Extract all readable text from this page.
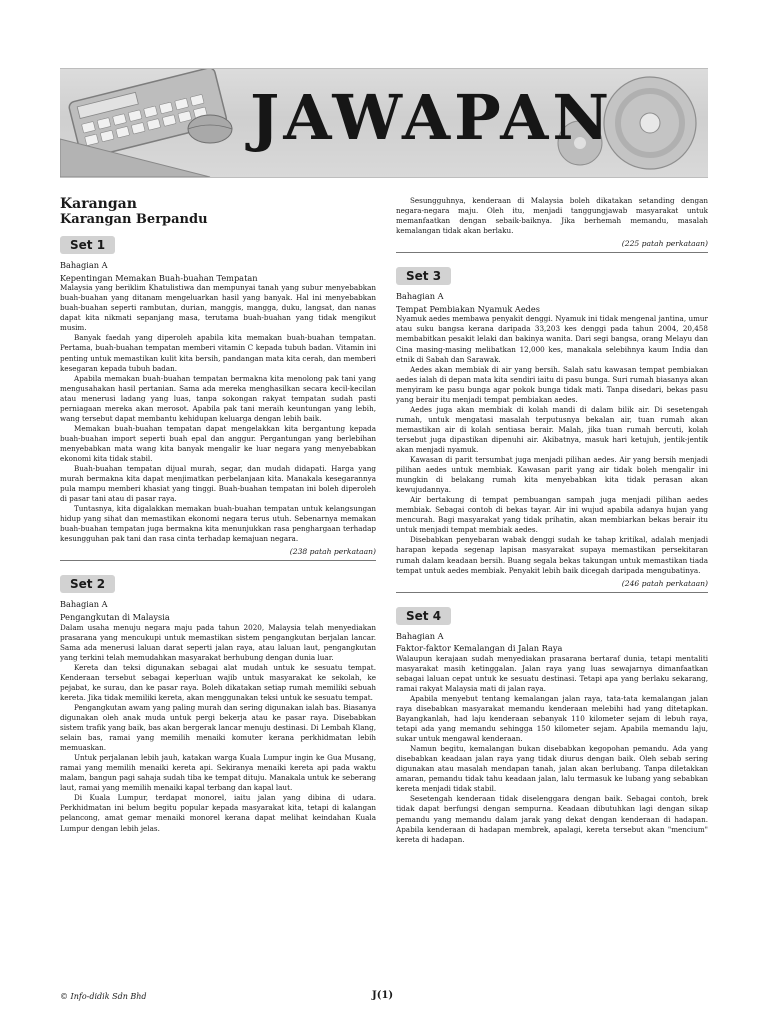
JAWAPAN
Karangan
Karangan Berpandu
Set 1
Bahagian A
Kepentingan Memakan Buah-buahan Tempatan

Malaysia yang beriklim Khatulistiwa dan mempunyai tanah yang subur menyebabkan buah-buahan yang ditanam mengeluarkan hasil yang banyak. Hal ini menyebabkan buah-buahan seperti rambutan, durian, manggis, mangga, duku, langsat, dan nanas dapat kita nikmati sepanjang masa, terutama buah-buahan yang tidak mengikut musim.

Banyak faedah yang diperoleh apabila kita memakan buah-buahan tempatan. Pertama, buah-buahan tempatan memberi vitamin C kepada tubuh badan. Vitamin ini penting untuk memastikan kulit kita bersih, pandangan mata kita cerah, dan memberi kesegaran kepada tubuh badan.

Apabila memakan buah-buahan tempatan bermakna kita menolong pak tani yang mengusahakan hasil pertanian. Sama ada mereka menghasilkan secara kecil-kecilan atau menerusi ladang yang luas, tanpa sokongan rakyat tempatan sudah pasti perniagaan mereka akan merosot. Apabila pak tani meraih keuntungan yang lebih, wang tersebut dapat membantu kehidupan keluarga dengan lebih baik.

Memakan buah-buahan tempatan dapat mengelakkan kita bergantung kepada buah-buahan import seperti buah epal dan anggur. Pergantungan yang berlebihan menyebabkan mata wang kita banyak mengalir ke luar negara yang menyebabkan ekonomi kita tidak stabil.

Buah-buahan tempatan dijual murah, segar, dan mudah didapati. Harga yang murah bermakna kita dapat menjimatkan perbelanjaan kita. Manakala kesegarannya pula mampu memberi khasiat yang tinggi. Buah-buahan tempatan ini boleh diperoleh di pasar tani atau di pasar raya.

Tuntasnya, kita digalakkan memakan buah-buahan tempatan untuk kelangsungan hidup yang sihat dan memastikan ekonomi negara terus utuh. Sebenarnya memakan buah-buahan tempatan juga bermakna kita menunjukkan rasa penghargaan terhadap kesungguhan pak tani dan rasa cinta terhadap kemajuan negara.

(238 patah perkataan)
Set 2
Bahagian A
Pengangkutan di Malaysia

Dalam usaha menuju negara maju pada tahun 2020, Malaysia telah menyediakan prasarana yang mencukupi untuk memastikan sistem pengangkutan berjalan lancar. Sama ada menerusi laluan darat seperti jalan raya, atau laluan laut, pengangkutan yang terkini telah memudahkan masyarakat berhubung dengan dunia luar.

Kereta dan teksi digunakan sebagai alat mudah untuk ke sesuatu tempat. Kenderaan tersebut sebagai keperluan wajib untuk masyarakat ke sekolah, ke pejabat, ke surau, dan ke pasar raya. Boleh dikatakan setiap rumah memiliki sebuah kereta. Jika tidak memiliki kereta, akan menggunakan teksi untuk ke sesuatu tempat.

Pengangkutan awam yang paling murah dan sering digunakan ialah bas. Biasanya digunakan oleh anak muda untuk pergi bekerja atau ke pasar raya. Disebabkan sistem trafik yang baik, bas akan bergerak lancar menuju destinasi. Di Lembah Klang, selain bas, ramai yang memilih menaiki komuter kerana perkhidmatan lebih memuaskan.

Untuk perjalanan lebih jauh, katakan warga Kuala Lumpur ingin ke Gua Musang, ramai yang memilih menaiki kereta api. Sekiranya menaiki kereta api pada waktu malam, bangun pagi sahaja sudah tiba ke tempat dituju. Manakala untuk ke seberang laut, ramai yang memilih menaiki kapal terbang dan kapal laut.

Di Kuala Lumpur, terdapat monorel, iaitu jalan yang dibina di udara. Perkhidmatan ini belum begitu popular kepada masyarakat kita, tetapi di kalangan pelancong, amat gemar menaiki monorel kerana dapat melihat keindahan Kuala Lumpur dengan lebih jelas.

Sesungguhnya, kenderaan di Malaysia boleh dikatakan setanding dengan negara-negara maju. Oleh itu, menjadi tanggungjawab masyarakat untuk memanfaatkan dengan sebaik-baiknya. Jika berhemah memandu, masalah kemalangan tidak akan berlaku.

(225 patah perkataan)
Set 3
Bahagian A
Tempat Pembiakan Nyamuk Aedes

Nyamuk aedes membawa penyakit denggi. Nyamuk ini tidak mengenal jantina, umur atau suku bangsa kerana daripada 33,203 kes denggi pada tahun 2004, 20,458 membabitkan pesakit lelaki dan bakinya wanita. Dari segi bangsa, orang Melayu dan Cina masing-masing melibatkan 12,000 kes, manakala selebihnya kaum India dan etnik di Sabah dan Sarawak.

Aedes akan membiak di air yang bersih. Salah satu kawasan tempat pembiakan aedes ialah di depan mata kita sendiri iaitu di pasu bunga. Suri rumah biasanya akan menyiram ke pasu bunga agar pokok bunga tidak mati. Tanpa disedari, bekas pasu yang berair itu menjadi tempat pembiakan aedes.

Aedes juga akan membiak di kolah mandi di dalam bilik air. Di sesetengah rumah, untuk mengatasi masalah terputusnya bekalan air, tuan rumah akan memastikan air di kolah sentiasa berair. Malah, jika tuan rumah bercuti, kolah tersebut juga dipastikan dipenuhi air. Akibatnya, masuk hari ketujuh, jentik-jentik akan menjadi nyamuk.

Kawasan di parit tersumbat juga menjadi pilihan aedes. Air yang bersih menjadi pilihan aedes untuk membiak. Kawasan parit yang air tidak boleh mengalir ini mungkin di belakang rumah kita menyebabkan kita tidak perasan akan kewujudannya.

Air bertakung di tempat pembuangan sampah juga menjadi pilihan aedes membiak. Sebagai contoh di bekas tayar. Air ini wujud apabila adanya hujan yang mencurah. Bagi masyarakat yang tidak prihatin, akan membiarkan bekas berair itu untuk menjadi tempat membiak aedes.

Disebabkan penyebaran wabak denggi sudah ke tahap kritikal, adalah menjadi harapan kepada segenap lapisan masyarakat supaya memastikan persekitaran rumah dalam keadaan bersih. Buang segala bekas takungan untuk memastikan tiada tempat untuk aedes membiak. Penyakit lebih baik dicegah daripada mengubatinya.

(246 patah perkataan)
Set 4
Bahagian A
Faktor-faktor Kemalangan di Jalan Raya

Walaupun kerajaan sudah menyediakan prasarana bertaraf dunia, tetapi mentaliti masyarakat masih ketinggalan. Jalan raya yang luas sewajarnya dimanfaatkan sebagai laluan cepat untuk ke sesuatu destinasi. Tetapi apa yang berlaku sekarang, ramai rakyat Malaysia mati di jalan raya.

Apabila menyebut tentang kemalangan jalan raya, tata-tata kemalangan jalan raya disebabkan masyarakat memandu kenderaan melebihi had yang ditetapkan. Bayangkanlah, had laju kenderaan sebanyak 110 kilometer sejam di lebuh raya, tetapi ada yang memandu sehingga 150 kilometer sejam. Apabila memandu laju, sukar untuk mengawal kenderaan.

Namun begitu, kemalangan bukan disebabkan kegopohan pemandu. Ada yang disebabkan keadaan jalan raya yang tidak diurus dengan baik. Oleh sebab sering digunakan atau masalah mendapan tanah, jalan akan berlubang. Tanpa diletakkan amaran, pemandu tidak tahu keadaan jalan, lalu termasuk ke lubang yang sebabkan kereta menjadi tidak stabil.

Sesetengah kenderaan tidak diselenggara dengan baik. Sebagai contoh, brek tidak dapat berfungsi dengan sempurna. Keadaan dibutuhkan lagi dengan sikap pemandu yang memandu dalam jarak yang dekat dengan kenderaan di hadapan. Apabila kenderaan di hadapan membrek, apalagi, kereta tersebut akan "mencium" kereta di hadapan.

© Info-didik Sdn Bhd	J(1)
